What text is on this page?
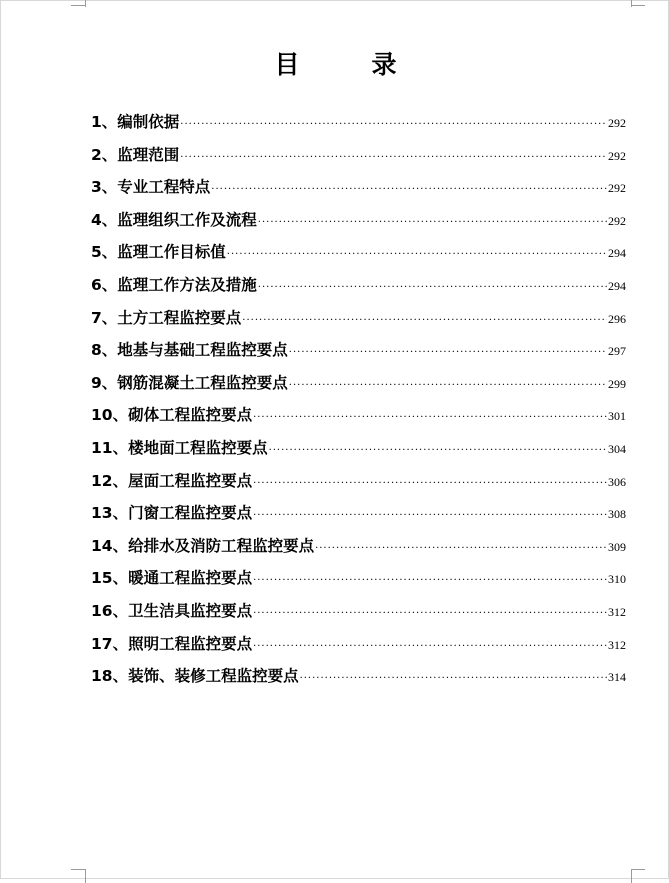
目	录
1、编制依据 ·····	292
2、监理范围 ·····	292
3、专业工程特点 ·····	292
4、监理组织工作及流程 ·····	292
5、监理工作目标值 ·····	294
6、监理工作方法及措施 ·····	294
7、土方工程监控要点 ·····	296
8、地基与基础工程监控要点 ·····	297
9、钢筋混凝土工程监控要点 ·····	299
10、砌体工程监控要点 ·····	301
11、楼地面工程监控要点 ·····	304
12、屋面工程监控要点 ·····	306
13、门窗工程监控要点 ·····	308
14、给排水及消防工程监控要点 ·····	309
15、暖通工程监控要点 ·····	310
16、卫生洁具监控要点 ·····	312
17、照明工程监控要点 ·····	312
18、装饰、装修工程监控要点 ·····	314
